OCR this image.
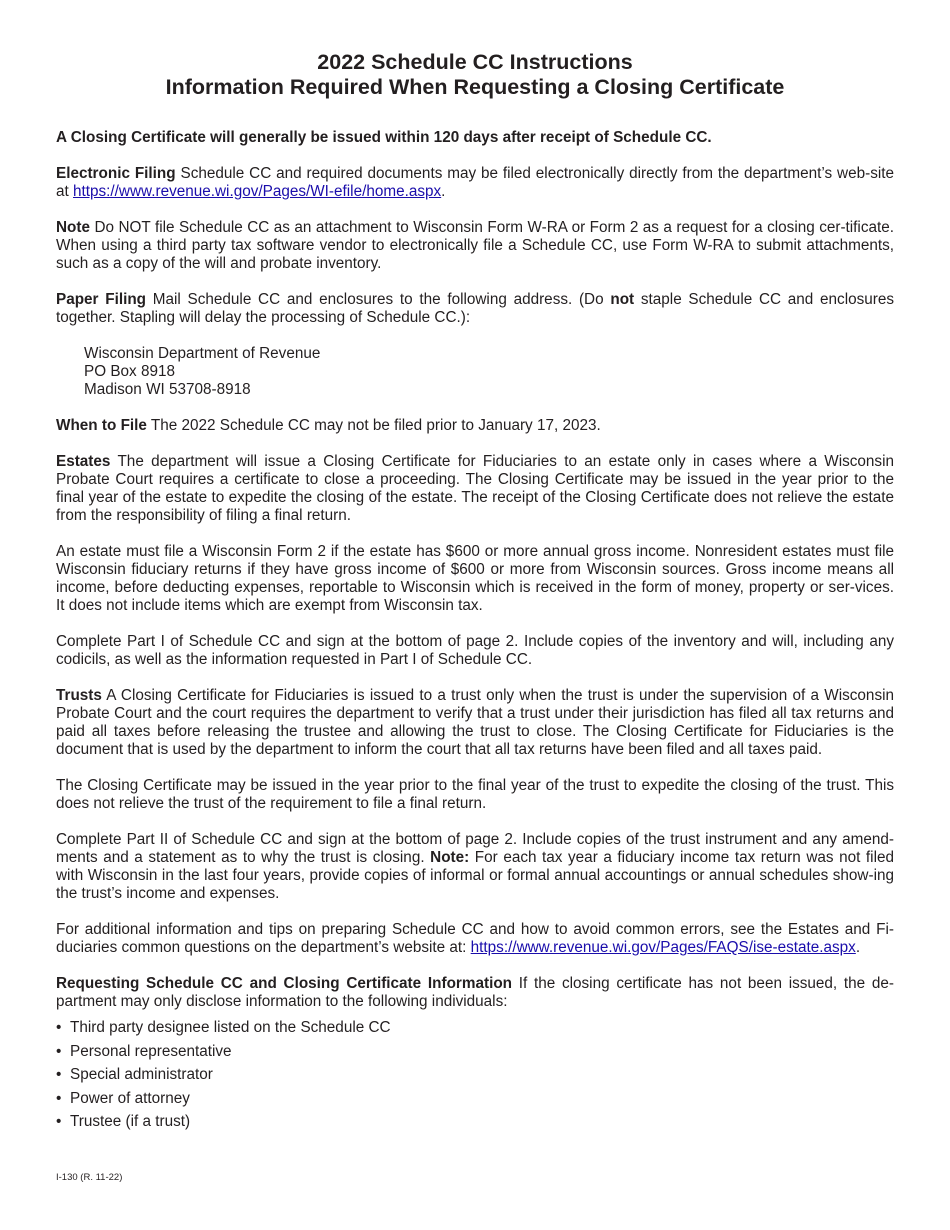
2022 Schedule CC Instructions
Information Required When Requesting a Closing Certificate

A Closing Certificate will generally be issued within 120 days after receipt of Schedule CC.

Electronic Filing Schedule CC and required documents may be filed electronically directly from the department’s web-site at https://www.revenue.wi.gov/Pages/WI-efile/home.aspx.

Note Do NOT file Schedule CC as an attachment to Wisconsin Form W-RA or Form 2 as a request for a closing cer-tificate. When using a third party tax software vendor to electronically file a Schedule CC, use Form W-RA to submit attachments, such as a copy of the will and probate inventory.

Paper Filing Mail Schedule CC and enclosures to the following address. (Do not staple Schedule CC and enclosures together. Stapling will delay the processing of Schedule CC.):

Wisconsin Department of Revenue

PO Box 8918

Madison WI 53708-8918

When to File The 2022 Schedule CC may not be filed prior to January 17, 2023.

Estates The department will issue a Closing Certificate for Fiduciaries to an estate only in cases where a Wisconsin Probate Court requires a certificate to close a proceeding. The Closing Certificate may be issued in the year prior to the final year of the estate to expedite the closing of the estate. The receipt of the Closing Certificate does not relieve the estate from the responsibility of filing a final return.

An estate must file a Wisconsin Form 2 if the estate has $600 or more annual gross income. Nonresident estates must file Wisconsin fiduciary returns if they have gross income of $600 or more from Wisconsin sources. Gross income means all income, before deducting expenses, reportable to Wisconsin which is received in the form of money, property or ser-vices. It does not include items which are exempt from Wisconsin tax.

Complete Part I of Schedule CC and sign at the bottom of page 2. Include copies of the inventory and will, including any codicils, as well as the information requested in Part I of Schedule CC.

Trusts A Closing Certificate for Fiduciaries is issued to a trust only when the trust is under the supervision of a Wisconsin Probate Court and the court requires the department to verify that a trust under their jurisdiction has filed all tax returns and paid all taxes before releasing the trustee and allowing the trust to close. The Closing Certificate for Fiduciaries is the document that is used by the department to inform the court that all tax returns have been filed and all taxes paid.

The Closing Certificate may be issued in the year prior to the final year of the trust to expedite the closing of the trust. This does not relieve the trust of the requirement to file a final return.

Complete Part II of Schedule CC and sign at the bottom of page 2. Include copies of the trust instrument and any amend-ments and a statement as to why the trust is closing. Note: For each tax year a fiduciary income tax return was not filed with Wisconsin in the last four years, provide copies of informal or formal annual accountings or annual schedules show-ing the trust’s income and expenses.

For additional information and tips on preparing Schedule CC and how to avoid common errors, see the Estates and Fi-duciaries common questions on the department’s website at: https://www.revenue.wi.gov/Pages/FAQS/ise-estate.aspx.

Requesting Schedule CC and Closing Certificate Information If the closing certificate has not been issued, the de-partment may only disclose information to the following individuals:

• Third party designee listed on the Schedule CC
• Personal representative
• Special administrator
• Power of attorney
• Trustee (if a trust)
I-130 (R. 11-22)
